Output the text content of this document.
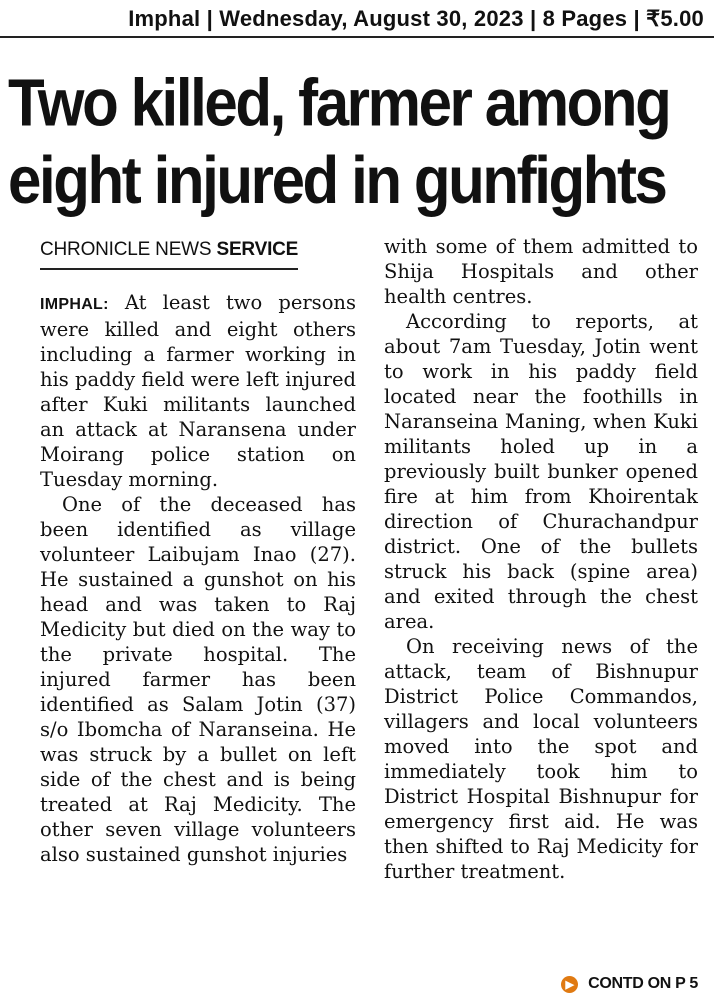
Imphal | Wednesday, August 30, 2023 | 8 Pages | ₹5.00
Two killed, farmer among
eight injured in gunfights
CHRONICLE NEWS SERVICE

IMPHAL: At least two persons were killed and eight others including a farmer working in his paddy field were left injured after Kuki militants launched an attack at Naransena under Moirang police station on Tuesday morning.

One of the deceased has been identified as village volunteer Laibujam Inao (27). He sustained a gunshot on his head and was taken to Raj Medicity but died on the way to the private hospital. The injured farmer has been identified as Salam Jotin (37) s/o Ibomcha of Naranseina. He was struck by a bullet on left side of the chest and is being treated at Raj Medicity. The other seven village volunteers also sustained gunshot injuries

with some of them admitted to Shija Hospitals and other health centres.

According to reports, at about 7am Tuesday, Jotin went to work in his paddy field located near the foothills in Naranseina Maning, when Kuki militants holed up in a previously built bunker opened fire at him from Khoirentak direction of Churachandpur district. One of the bullets struck his back (spine area) and exited through the chest area.

On receiving news of the attack, team of Bishnupur District Police Commandos, villagers and local volunteers moved into the spot and immediately took him to District Hospital Bishnupur for emergency first aid. He was then shifted to Raj Medicity for further treatment.

▶ CONTD ON P 5
